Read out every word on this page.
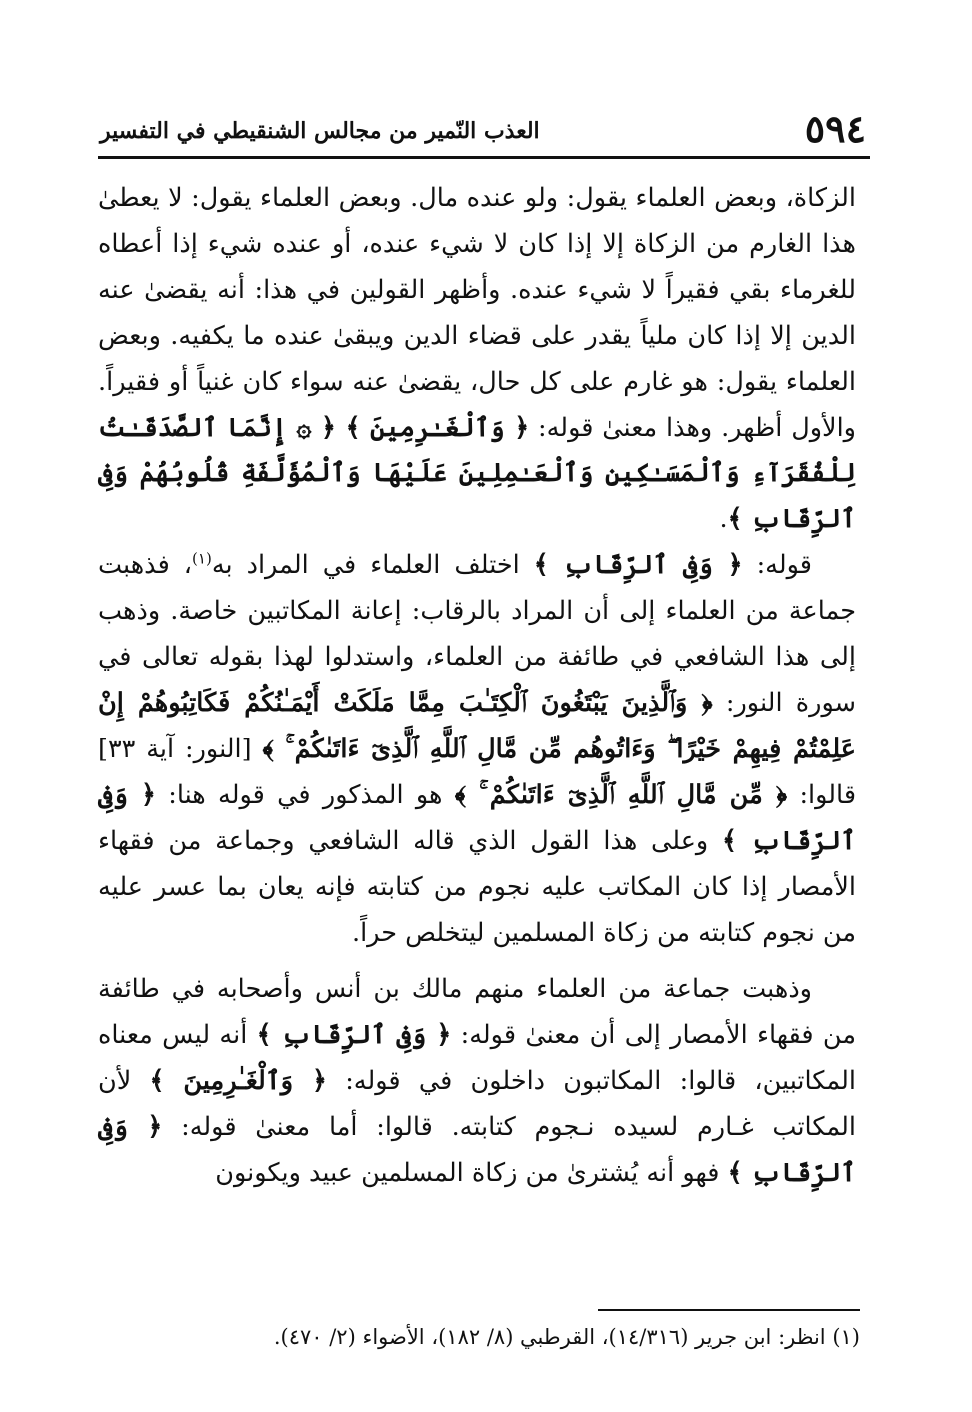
٥٩٤
العذب النّمير من مجالس الشنقيطي في التفسير

الزكاة، وبعض العلماء يقول: ولو عنده مال. وبعض العلماء يقول: لا يعطىٰ هذا الغارم من الزكاة إلا إذا كان لا شيء عنده، أو عنده شيء إذا أعطاه للغرماء بقي فقيراً لا شيء عنده. وأظهر القولين في هذا: أنه يقضىٰ عنه الدين إلا إذا كان ملياً يقدر على قضاء الدين ويبقىٰ عنده ما يكفيه. وبعض العلماء يقول: هو غارم على كل حال، يقضىٰ عنه سواء كان غنياً أو فقيراً. والأول أظهر. وهذا معنىٰ قوله: ﴿ وَٱلْغَـٰرِمِينَ ﴾ ﴿ ۞ إِنَّمَا ٱلصَّدَقَـٰتُ لِلْفُقَرَآءِ وَٱلْمَسَـٰكِينِ وَٱلْعَـٰمِلِينَ عَلَيْهَا وَٱلْمُؤَلَّفَةِ قُلُوبُهُمْ وَفِى ٱلرِّقَابِ ﴾.

قوله: ﴿ وَفِى ٱلرِّقَابِ ﴾ اختلف العلماء في المراد به$^{(١)}$، فذهبت جماعة من العلماء إلى أن المراد بالرقاب: إعانة المكاتبين خاصة. وذهب إلى هذا الشافعي في طائفة من العلماء، واستدلوا لهذا بقوله تعالى في سورة النور: ﴿ وَٱلَّذِينَ يَبْتَغُونَ ٱلْكِتَـٰبَ مِمَّا مَلَكَتْ أَيْمَـٰنُكُمْ فَكَاتِبُوهُمْ إِنْ عَلِمْتُمْ فِيهِمْ خَيْرًا ۖ وَءَاتُوهُم مِّن مَّالِ ٱللَّهِ ٱلَّذِىٓ ءَاتَىٰكُمْ ۚ ﴾ [النور: آية ٣٣] قالوا: ﴿ مِّن مَّالِ ٱللَّهِ ٱلَّذِىٓ ءَاتَىٰكُمْ ۚ ﴾ هو المذكور في قوله هنا: ﴿ وَفِى ٱلرِّقَابِ ﴾ وعلى هذا القول الذي قاله الشافعي وجماعة من فقهاء الأمصار إذا كان المكاتب عليه نجوم من كتابته فإنه يعان بما عسر عليه من نجوم كتابته من زكاة المسلمين ليتخلص حراً.

وذهبت جماعة من العلماء منهم مالك بن أنس وأصحابه في طائفة من فقهاء الأمصار إلى أن معنىٰ قوله: ﴿ وَفِى ٱلرِّقَابِ ﴾ أنه ليس معناه المكاتبين، قالوا: المكاتبون داخلون في قوله: ﴿ وَٱلْغَـٰرِمِينَ ﴾ لأن المكاتب غـارم لسيده نـجوم كتابته. قالوا: أما معنىٰ قوله: ﴿ وَفِى ٱلرِّقَابِ ﴾ فهو أنه يُشترىٰ من زكاة المسلمين عبيد ويكونون

(١) انظر: ابن جرير (١٤/٣١٦)، القرطبي (٨/ ١٨٢)، الأضواء (٢/ ٤٧٠).
